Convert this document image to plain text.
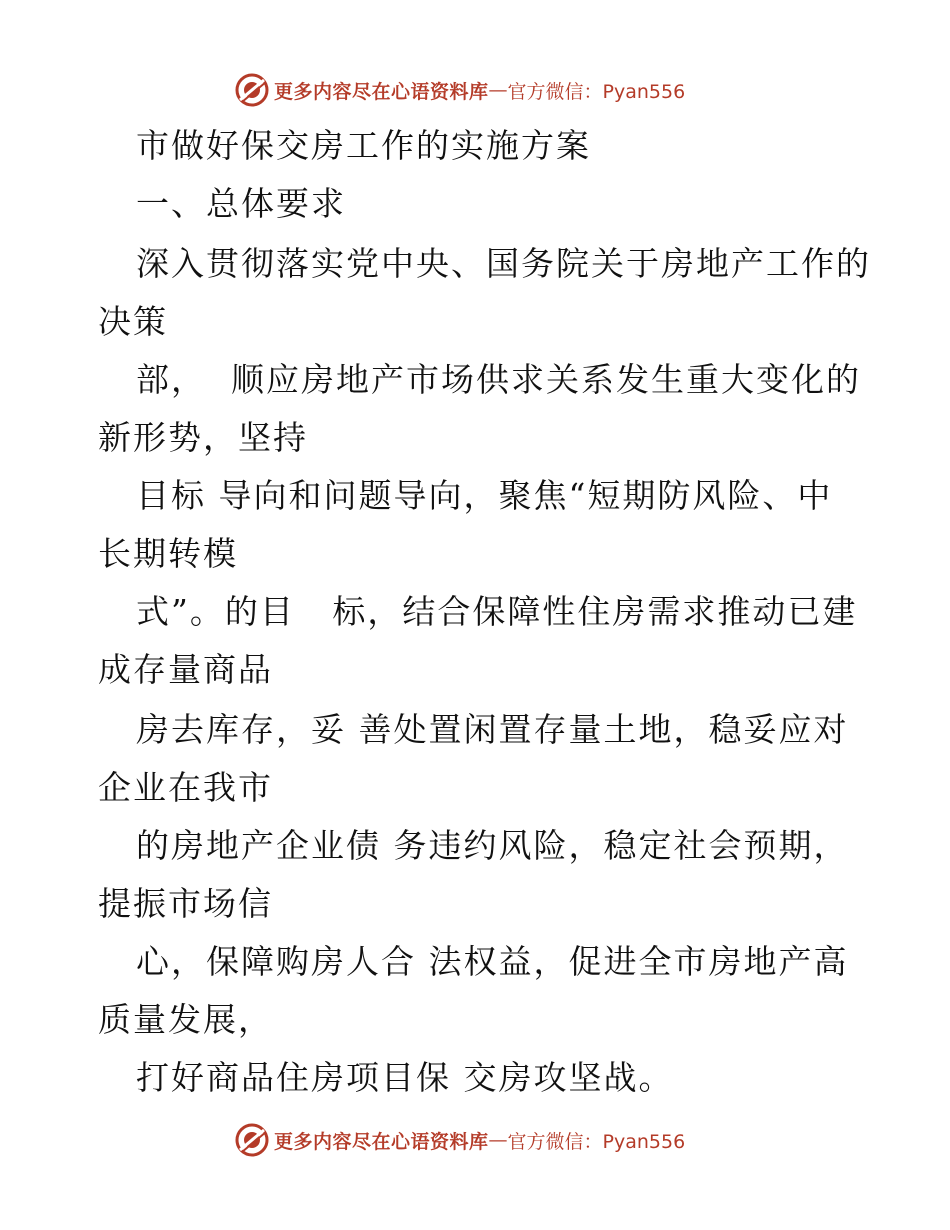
更多内容尽在心语资料库 — 官方微信：Pyan556
市做好保交房工作的实施方案
一、总体要求
深入贯彻落实党中央、国务院关于房地产工作的
决策
部，  顺应房地产市场供求关系发生重大变化的
新形势，坚持
目标 导向和问题导向，聚焦“短期防风险、中
长期转模
式”。的目   标，结合保障性住房需求推动已建
成存量商品
房去库存，妥 善处置闲置存量土地，稳妥应对
企业在我市
的房地产企业债 务违约风险，稳定社会预期，
提振市场信
心，保障购房人合 法权益，促进全市房地产高
质量发展，
打好商品住房项目保 交房攻坚战。
更多内容尽在心语资料库 — 官方微信：Pyan556
